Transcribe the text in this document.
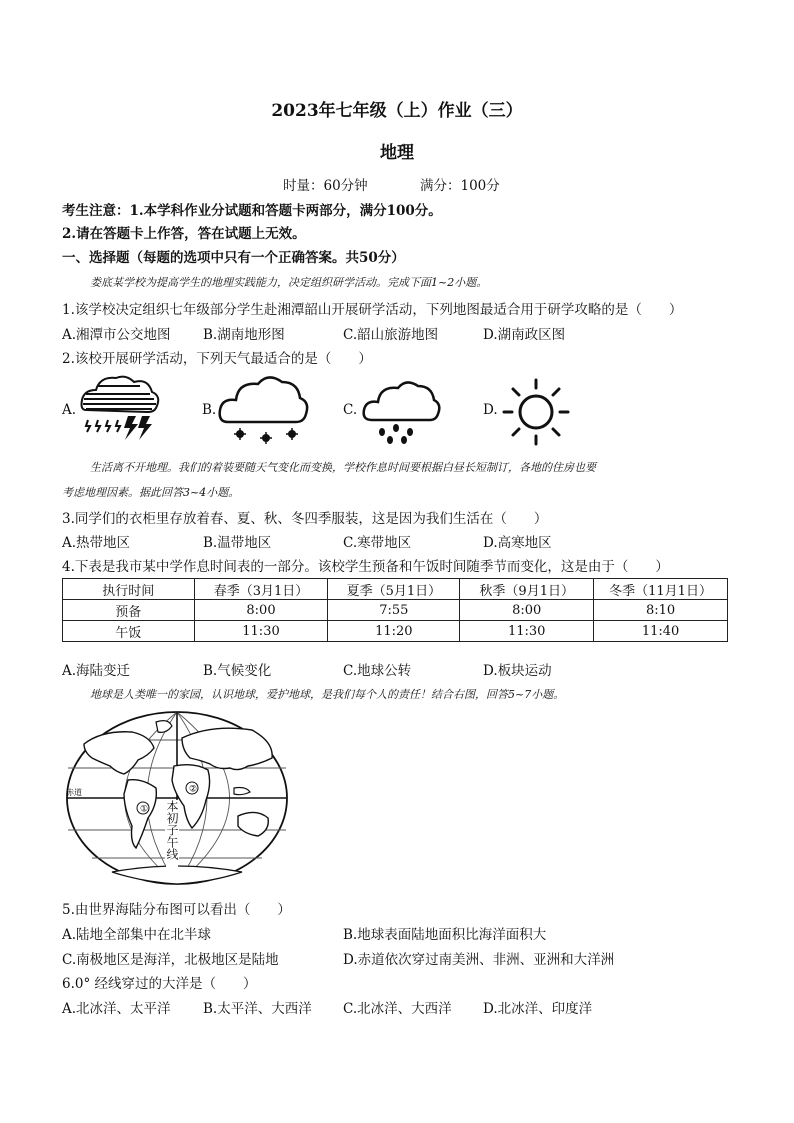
2023年七年级（上）作业（三）
地理
时量：60分钟	满分：100分
考生注意：1.本学科作业分试题和答题卡两部分，满分100分。
2.请在答题卡上作答，答在试题上无效。
一、选择题（每题的选项中只有一个正确答案。共50分）
娄底某学校为提高学生的地理实践能力，决定组织研学活动。完成下面1~2小题。
1.该学校决定组织七年级部分学生赴湘潭韶山开展研学活动，下列地图最适合用于研学攻略的是（　　）
A.湘潭市公交地图 B.湖南地形图	C.韶山旅游地图	D.湖南政区图
2.该校开展研学活动，下列天气最适合的是（　　）
A.	B.	C.	D.
生活离不开地理。我们的着装要随天气变化而变换，学校作息时间要根据白昼长短制订，各地的住房也要
考虑地理因素。据此回答3~4小题。
3.同学们的衣柜里存放着春、夏、秋、冬四季服装，这是因为我们生活在（　　）
A.热带地区	B.温带地区	C.寒带地区	D.高寒地区
4.下表是我市某中学作息时间表的一部分。该校学生预备和午饭时间随季节而变化，这是由于（　　）
执行时间	春季（3月1日）	夏季（5月1日）	秋季（9月1日）	冬季（11月1日）
预备	8:00	7:55	8:00	8:10
午饭	11:30	11:20	11:30	11:40
A.海陆变迁	B.气候变化	C.地球公转	D.板块运动
地球是人类唯一的家园，认识地球，爱护地球，是我们每个人的责任！结合右图，回答5~7小题。
赤道
①
②
本初子午线
5.由世界海陆分布图可以看出（　　）
A.陆地全部集中在北半球	B.地球表面陆地面积比海洋面积大
C.南极地区是海洋，北极地区是陆地	D.赤道依次穿过南美洲、非洲、亚洲和大洋洲
6.0° 经线穿过的大洋是（　　）
A.北冰洋、太平洋 B.太平洋、大西洋 C.北冰洋、大西洋 D.北冰洋、印度洋
